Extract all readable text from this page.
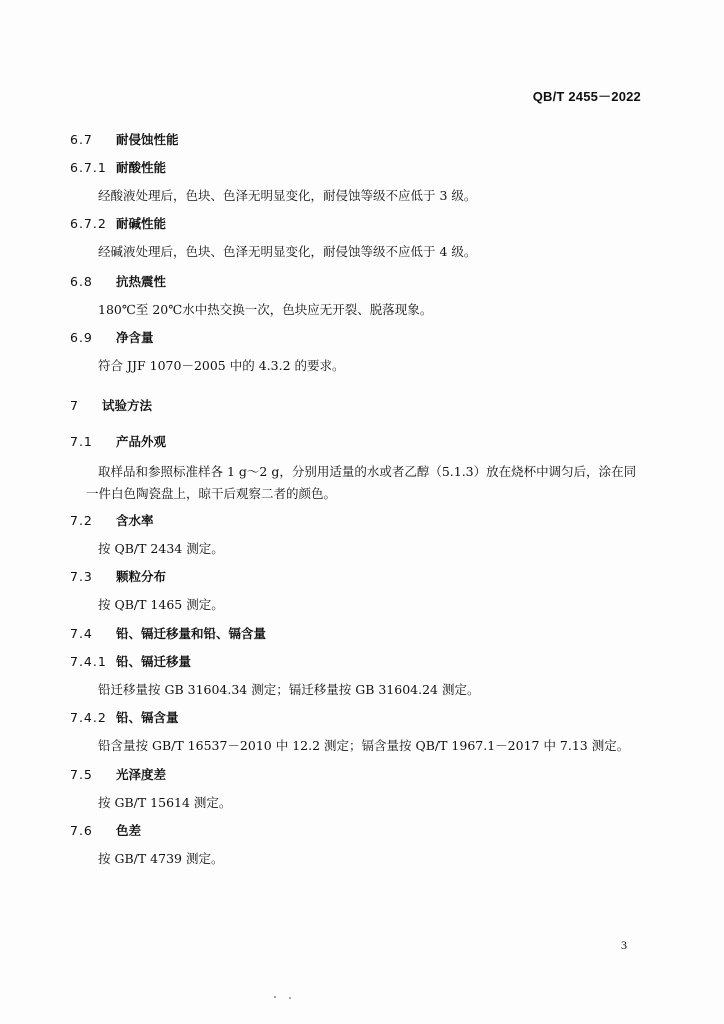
QB/T 2455－2022
6.7 耐侵蚀性能
6.7.1 耐酸性能
经酸液处理后，色块、色泽无明显变化，耐侵蚀等级不应低于 3 级。
6.7.2 耐碱性能
经碱液处理后，色块、色泽无明显变化，耐侵蚀等级不应低于 4 级。
6.8 抗热震性
180℃至 20℃水中热交换一次，色块应无开裂、脱落现象。
6.9 净含量
符合 JJF 1070－2005 中的 4.3.2 的要求。
7 试验方法
7.1 产品外观
取样品和参照标准样各 1 g～2 g，分别用适量的水或者乙醇（5.1.3）放在烧杯中调匀后，涂在同一件白色陶瓷盘上，晾干后观察二者的颜色。
7.2 含水率
按 QB/T 2434 测定。
7.3 颗粒分布
按 QB/T 1465 测定。
7.4 铅、镉迁移量和铅、镉含量
7.4.1 铅、镉迁移量
铅迁移量按 GB 31604.34 测定；镉迁移量按 GB 31604.24 测定。
7.4.2 铅、镉含量
铅含量按 GB/T 16537－2010 中 12.2 测定；镉含量按 QB/T 1967.1－2017 中 7.13 测定。
7.5 光泽度差
按 GB/T 15614 测定。
7.6 色差
按 GB/T 4739 测定。
3
